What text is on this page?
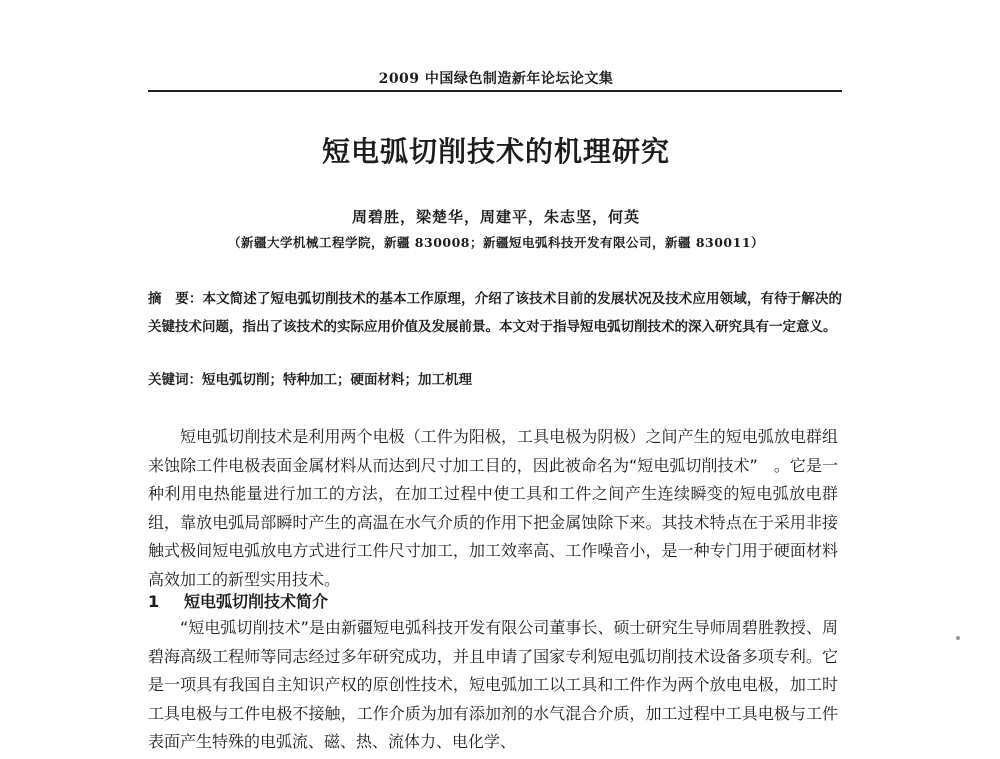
2009 中国绿色制造新年论坛论文集
短电弧切削技术的机理研究
周碧胜，梁楚华，周建平，朱志坚，何英
（新疆大学机械工程学院，新疆 830008；新疆短电弧科技开发有限公司，新疆 830011）
摘　要：本文简述了短电弧切削技术的基本工作原理，介绍了该技术目前的发展状况及技术应用领域，有待于解决的关键技术问题，指出了该技术的实际应用价值及发展前景。本文对于指导短电弧切削技术的深入研究具有一定意义。
关键词：短电弧切削；特种加工；硬面材料；加工机理
短电弧切削技术是利用两个电极（工件为阳极，工具电极为阴极）之间产生的短电弧放电群组来蚀除工件电极表面金属材料从而达到尺寸加工目的，因此被命名为“短电弧切削技术”　。它是一种利用电热能量进行加工的方法，在加工过程中使工具和工件之间产生连续瞬变的短电弧放电群组，靠放电弧局部瞬时产生的高温在水气介质的作用下把金属蚀除下来。其技术特点在于采用非接触式极间短电弧放电方式进行工件尺寸加工，加工效率高、工作噪音小，是一种专门用于硬面材料高效加工的新型实用技术。
1 短电弧切削技术简介
“短电弧切削技术”是由新疆短电弧科技开发有限公司董事长、硕士研究生导师周碧胜教授、周碧海高级工程师等同志经过多年研究成功，并且申请了国家专利短电弧切削技术设备多项专利。它是一项具有我国自主知识产权的原创性技术，短电弧加工以工具和工件作为两个放电电极，加工时工具电极与工件电极不接触，工作介质为加有添加剂的水气混合介质，加工过程中工具电极与工件表面产生特殊的电弧流、磁、热、流体力、电化学、
